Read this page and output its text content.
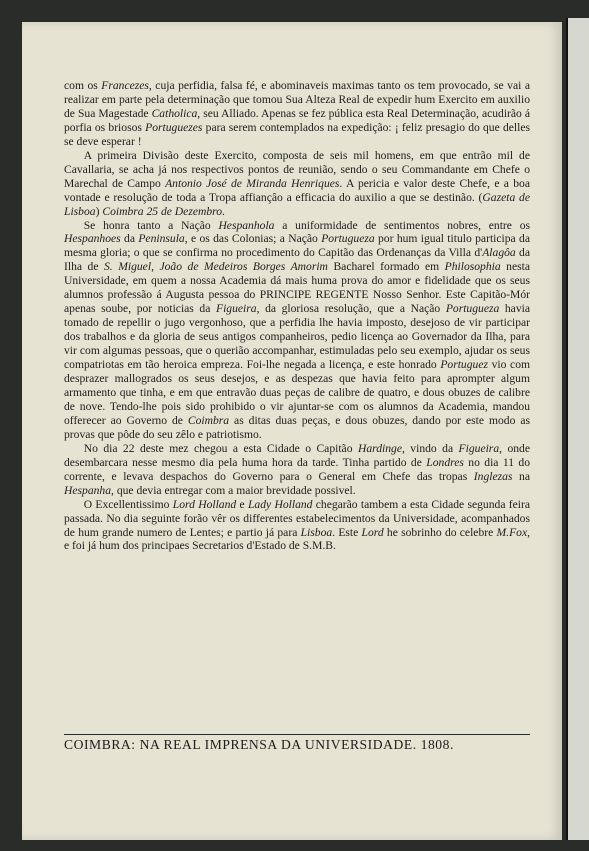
com os Francezes, cuja perfidia, falsa fé, e abominaveis maximas tanto os tem provocado, se vai a realizar em parte pela determinação que tomou Sua Alteza Real de expedir hum Exercito em auxilio de Sua Magestade Catholica, seu Alliado. Apenas se fez pública esta Real Determinação, acudirão á porfia os briosos Portuguezes para serem contemplados na expedição: ¡ feliz presagio do que delles se deve esperar !

A primeira Divisão deste Exercito, composta de seis mil homens, em que entrão mil de Cavallaria, se acha já nos respectivos pontos de reunião, sendo o seu Commandante em Chefe o Marechal de Campo Antonio José de Miranda Henriques. A pericia e valor deste Chefe, e a boa vontade e resolução de toda a Tropa affiançâo a efficacia do auxilio a que se destinão. (Gazeta de Lisboa) Coimbra 25 de Dezembro.

Se honra tanto a Nação Hespanhola a uniformidade de sentimentos nobres, entre os Hespanhoes da Peninsula, e os das Colonias; a Nação Portugueza por hum igual titulo participa da mesma gloria; o que se confirma no procedimento do Capitão das Ordenanças da Villa d'Alagôa da Ilha de S. Miguel, João de Medeiros Borges Amorim Bacharel formado em Philosophia nesta Universidade, em quem a nossa Academia dá mais huma prova do amor e fidelidade que os seus alumnos professão á Augusta pessoa do PRINCIPE REGENTE Nosso Senhor. Este Capitão-Mór apenas soube, por noticias da Figueira, da gloriosa resolução, que a Nação Portugueza havia tomado de repellir o jugo vergonhoso, que a perfidia lhe havia imposto, desejoso de vir participar dos trabalhos e da gloria de seus antigos companheiros, pedio licença ao Governador da Ilha, para vir com algumas pessoas, que o querião accompanhar, estimuladas pelo seu exemplo, ajudar os seus compatriotas em tão heroica empreza. Foi-lhe negada a licença, e este honrado Portuguez vio com desprazer mallogrados os seus desejos, e as despezas que havia feito para aprompter algum armamento que tinha, e em que entravão duas peças de calibre de quatro, e dous obuzes de calibre de nove. Tendo-lhe pois sido prohibido o vir ajuntar-se com os alumnos da Academia, mandou offerecer ao Governo de Coimbra as ditas duas peças, e dous obuzes, dando por este modo as provas que pôde do seu zêlo e patriotismo.

No dia 22 deste mez chegou a esta Cidade o Capitão Hardinge, vindo da Figueira, onde desembarcara nesse mesmo dia pela huma hora da tarde. Tinha partido de Londres no dia 11 do corrente, e levava despachos do Governo para o General em Chefe das tropas Inglezas na Hespanha, que devia entregar com a maior brevidade possivel.

O Excellentissimo Lord Holland e Lady Holland chegarão tambem a esta Cidade segunda feira passada. No dia seguinte forão vêr os differentes estabelecimentos da Universidade, acompanhados de hum grande numero de Lentes; e partio já para Lisboa. Este Lord he sobrinho do celebre M.Fox, e foi já hum dos principaes Secretarios d'Estado de S.M.B.

COIMBRA: NA REAL IMPRENSA DA UNIVERSIDADE. 1808.
